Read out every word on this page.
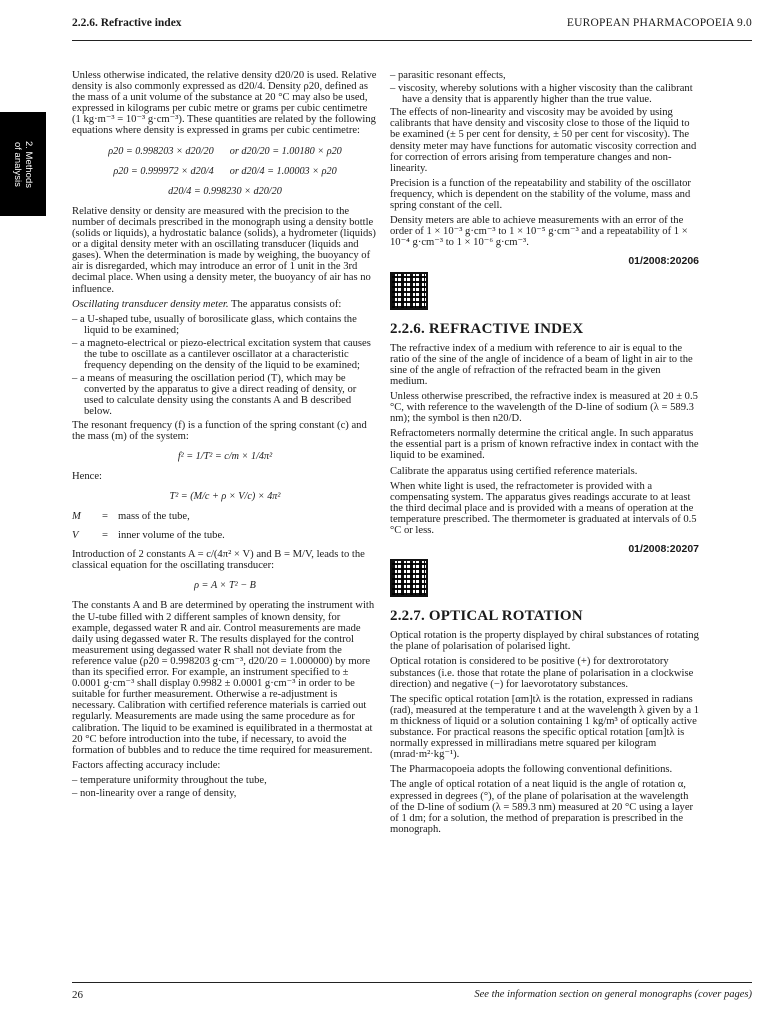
2.2.6. Refractive index	EUROPEAN PHARMACOPOEIA 9.0
2. Methods
of analysis

Unless otherwise indicated, the relative density d20/20 is used. Relative density is also commonly expressed as d20/4. Density ρ20, defined as the mass of a unit volume of the substance at 20 °C may also be used, expressed in kilograms per cubic metre or grams per cubic centimetre (1 kg·m⁻³ = 10⁻³ g·cm⁻³). These quantities are related by the following equations where density is expressed in grams per cubic centimetre:

ρ20 = 0.998203 × d20/20 or d20/20 = 1.00180 × ρ20
ρ20 = 0.999972 × d20/4 or d20/4 = 1.00003 × ρ20
d20/4 = 0.998230 × d20/20

Relative density or density are measured with the precision to the number of decimals prescribed in the monograph using a density bottle (solids or liquids), a hydrostatic balance (solids), a hydrometer (liquids) or a digital density meter with an oscillating transducer (liquids and gases). When the determination is made by weighing, the buoyancy of air is disregarded, which may introduce an error of 1 unit in the 3rd decimal place. When using a density meter, the buoyancy of air has no influence.

Oscillating transducer density meter. The apparatus consists of:

– a U-shaped tube, usually of borosilicate glass, which contains the liquid to be examined;

– a magneto-electrical or piezo-electrical excitation system that causes the tube to oscillate as a cantilever oscillator at a characteristic frequency depending on the density of the liquid to be examined;

– a means of measuring the oscillation period (T), which may be converted by the apparatus to give a direct reading of density, or used to calculate density using the constants A and B described below.

The resonant frequency (f) is a function of the spring constant (c) and the mass (m) of the system:

f² = 1/T² = c/m × 1/4π²

Hence:

T² = (M/c + ρ × V/c) × 4π²
M	= mass of the tube,
V	= inner volume of the tube.

Introduction of 2 constants A = c/(4π² × V) and B = M/V, leads to the classical equation for the oscillating transducer:

ρ = A × T² − B

The constants A and B are determined by operating the instrument with the U-tube filled with 2 different samples of known density, for example, degassed water R and air. Control measurements are made daily using degassed water R. The results displayed for the control measurement using degassed water R shall not deviate from the reference value (ρ20 = 0.998203 g·cm⁻³, d20/20 = 1.000000) by more than its specified error. For example, an instrument specified to ± 0.0001 g·cm⁻³ shall display 0.9982 ± 0.0001 g·cm⁻³ in order to be suitable for further measurement. Otherwise a re-adjustment is necessary. Calibration with certified reference materials is carried out regularly. Measurements are made using the same procedure as for calibration. The liquid to be examined is equilibrated in a thermostat at 20 °C before introduction into the tube, if necessary, to avoid the formation of bubbles and to reduce the time required for measurement.

Factors affecting accuracy include:

– temperature uniformity throughout the tube,

– non-linearity over a range of density,

– parasitic resonant effects,

– viscosity, whereby solutions with a higher viscosity than the calibrant have a density that is apparently higher than the true value.

The effects of non-linearity and viscosity may be avoided by using calibrants that have density and viscosity close to those of the liquid to be examined (± 5 per cent for density, ± 50 per cent for viscosity). The density meter may have functions for automatic viscosity correction and for correction of errors arising from temperature changes and non-linearity.

Precision is a function of the repeatability and stability of the oscillator frequency, which is dependent on the stability of the volume, mass and spring constant of the cell.

Density meters are able to achieve measurements with an error of the order of 1 × 10⁻³ g·cm⁻³ to 1 × 10⁻⁵ g·cm⁻³ and a repeatability of 1 × 10⁻⁴ g·cm⁻³ to 1 × 10⁻⁶ g·cm⁻³.

01/2008:20206
2.2.6. REFRACTIVE INDEX

The refractive index of a medium with reference to air is equal to the ratio of the sine of the angle of incidence of a beam of light in air to the sine of the angle of refraction of the refracted beam in the given medium.

Unless otherwise prescribed, the refractive index is measured at 20 ± 0.5 °C, with reference to the wavelength of the D-line of sodium (λ = 589.3 nm); the symbol is then n20/D.

Refractometers normally determine the critical angle. In such apparatus the essential part is a prism of known refractive index in contact with the liquid to be examined.

Calibrate the apparatus using certified reference materials.

When white light is used, the refractometer is provided with a compensating system. The apparatus gives readings accurate to at least the third decimal place and is provided with a means of operation at the temperature prescribed. The thermometer is graduated at intervals of 0.5 °C or less.

01/2008:20207
2.2.7. OPTICAL ROTATION

Optical rotation is the property displayed by chiral substances of rotating the plane of polarisation of polarised light.

Optical rotation is considered to be positive (+) for dextrorotatory substances (i.e. those that rotate the plane of polarisation in a clockwise direction) and negative (−) for laevorotatory substances.

The specific optical rotation [αm]tλ is the rotation, expressed in radians (rad), measured at the temperature t and at the wavelength λ given by a 1 m thickness of liquid or a solution containing 1 kg/m³ of optically active substance. For practical reasons the specific optical rotation [αm]tλ is normally expressed in milliradians metre squared per kilogram (mrad·m²·kg⁻¹).

The Pharmacopoeia adopts the following conventional definitions.

The angle of optical rotation of a neat liquid is the angle of rotation α, expressed in degrees (°), of the plane of polarisation at the wavelength of the D-line of sodium (λ = 589.3 nm) measured at 20 °C using a layer of 1 dm; for a solution, the method of preparation is prescribed in the monograph.

26	See the information section on general monographs (cover pages)
